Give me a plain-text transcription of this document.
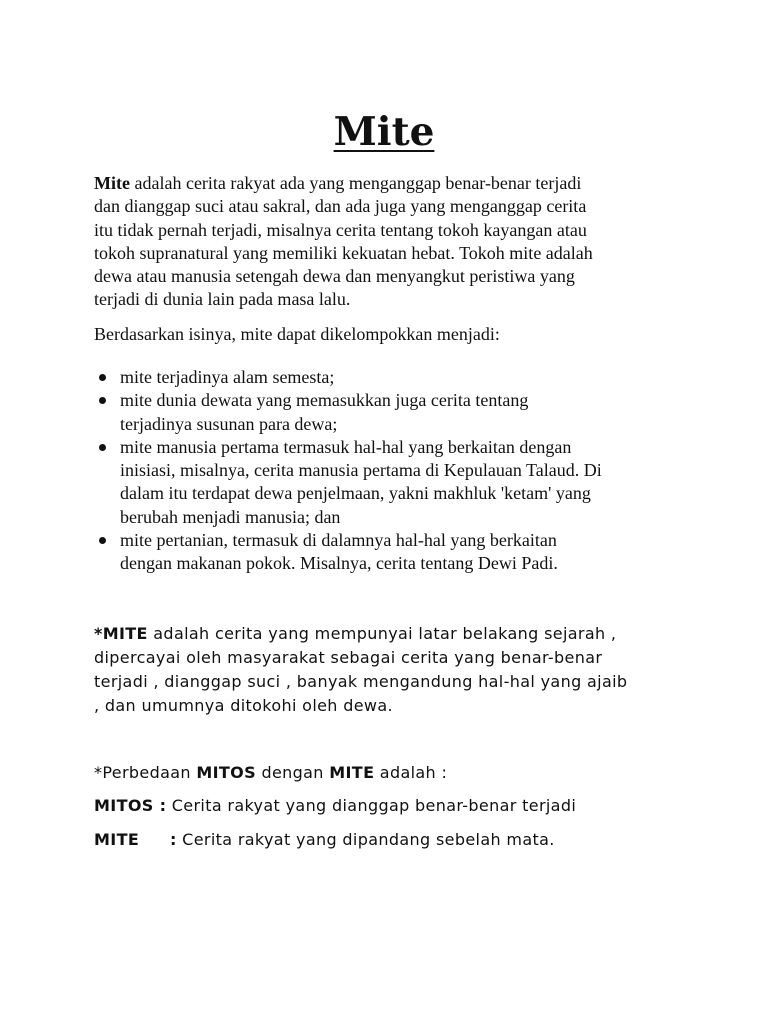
Mite

Mite adalah cerita rakyat ada yang menganggap benar-benar terjadi
dan dianggap suci atau sakral, dan ada juga yang menganggap cerita
itu tidak pernah terjadi, misalnya cerita tentang tokoh kayangan atau
tokoh supranatural yang memiliki kekuatan hebat. Tokoh mite adalah
dewa atau manusia setengah dewa dan menyangkut peristiwa yang
terjadi di dunia lain pada masa lalu.

Berdasarkan isinya, mite dapat dikelompokkan menjadi:

mite terjadinya alam semesta;
mite dunia dewata yang memasukkan juga cerita tentang
terjadinya susunan para dewa;
mite manusia pertama termasuk hal-hal yang berkaitan dengan
inisiasi, misalnya, cerita manusia pertama di Kepulauan Talaud. Di
dalam itu terdapat dewa penjelmaan, yakni makhluk 'ketam' yang
berubah menjadi manusia; dan
mite pertanian, termasuk di dalamnya hal-hal yang berkaitan
dengan makanan pokok. Misalnya, cerita tentang Dewi Padi.

*MITE adalah cerita yang mempunyai latar belakang sejarah ,
dipercayai oleh masyarakat sebagai cerita yang benar-benar
terjadi , dianggap suci , banyak mengandung hal-hal yang ajaib
, dan umumnya ditokohi oleh dewa.

*Perbedaan MITOS dengan MITE adalah :

MITOS : Cerita rakyat yang dianggap benar-benar terjadi

MITE : Cerita rakyat yang dipandang sebelah mata.
